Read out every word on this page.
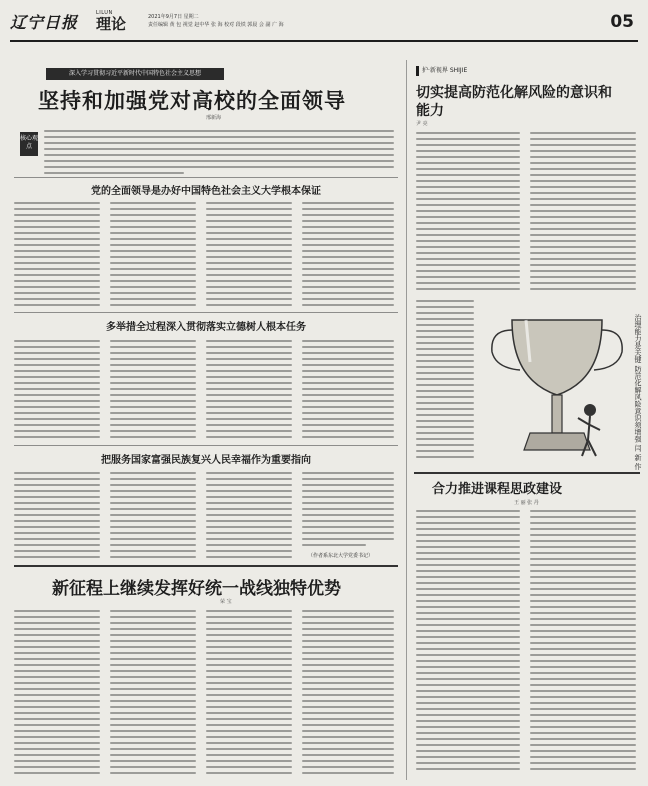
辽宁日报	LILUN
理论	2021年9月7日 星期二
责任编辑 黄 包 视觉 赵中华 张 海 校对 段铁 郭晨 会 副 广 海	05
深入学习贯彻习近平新时代中国特色社会主义思想
坚持和加强党对高校的全面领导
邢新海
核心观点
党的全面领导是办好中国特色社会主义大学根本保证
多举措全过程深入贯彻落实立德树人根本任务
把服务国家富强民族复兴人民幸福作为重要指向
（作者系东北大学党委书记）
新征程上继续发挥好统一战线独特优势
荣 宝
护·新视界 SHIJIE
切实提高防范化解风险的意识和能力
尹 亮
治理能力是关键 防范化解风险意识须增强 闫 新 作
合力推进课程思政建设
王 丽 张 丹
